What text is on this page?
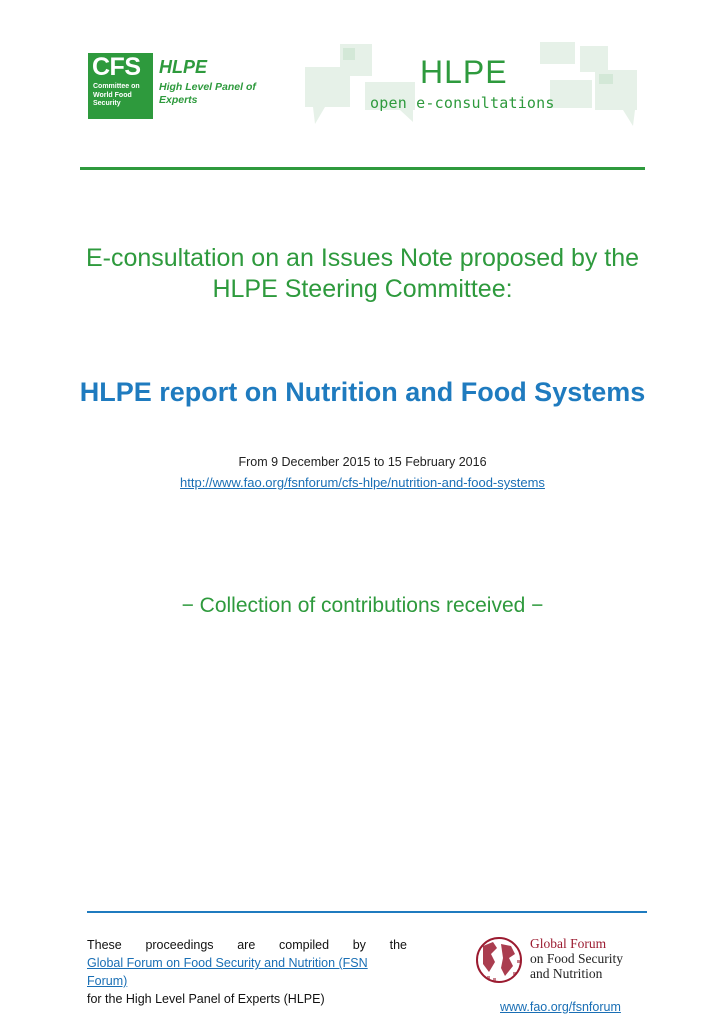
CFS
Committee on World Food Security
HLPE
High Level Panel of Experts
HLPE
open e-consultations
E-consultation on an Issues Note proposed by the HLPE Steering Committee:
HLPE report on Nutrition and Food Systems
From 9 December 2015 to 15 February 2016
http://www.fao.org/fsnforum/cfs-hlpe/nutrition-and-food-systems
− Collection of contributions received −
These proceedings are compiled by the
Global Forum on Food Security and Nutrition (FSN Forum)
for the High Level Panel of Experts (HLPE)
Global Forum
on Food Security
and Nutrition
www.fao.org/fsnforum
